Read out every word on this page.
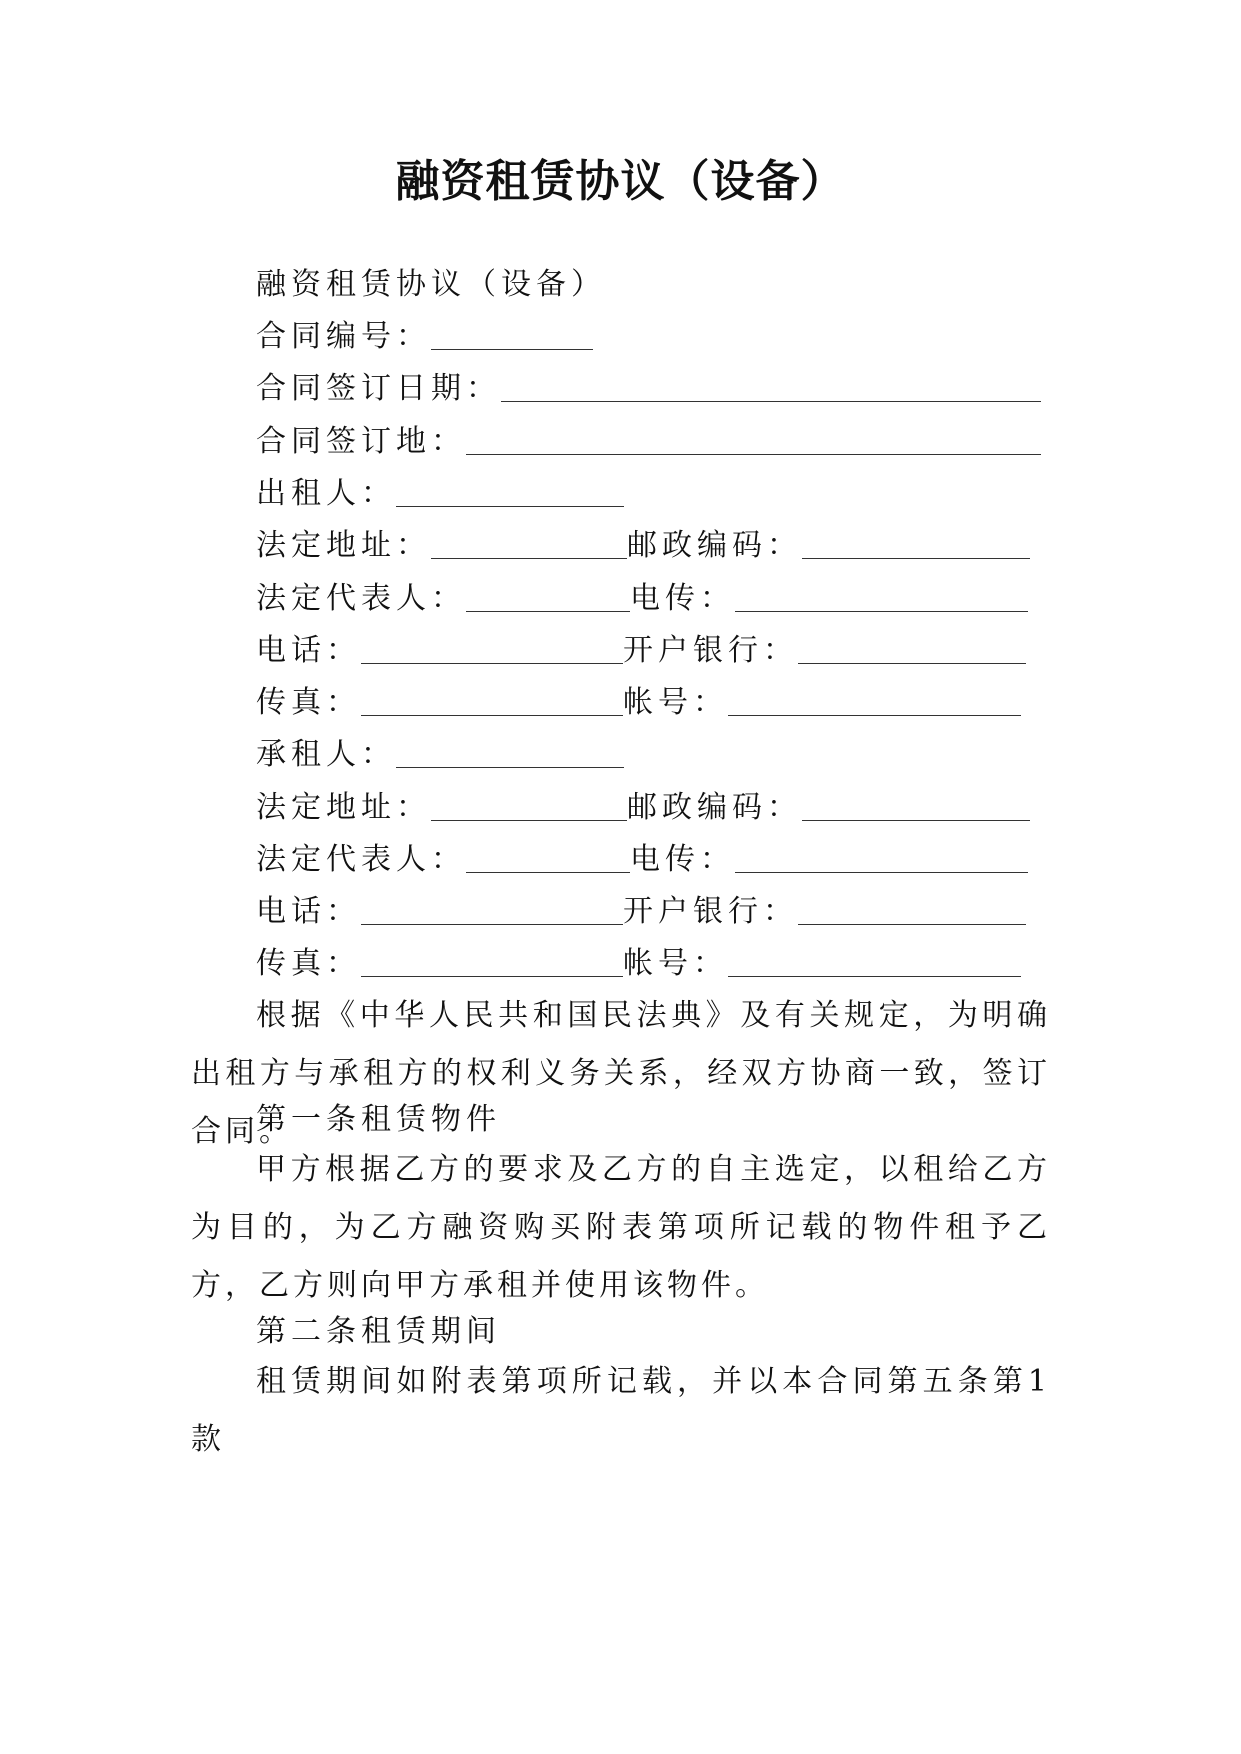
融资租赁协议（设备）
融资租赁协议（设备）
合同编号：
合同签订日期：
合同签订地：
出租人：
法定地址：	邮政编码：
法定代表人：	电传：
电话：	开户银行：
传真：	帐号：
承租人：
法定地址：	邮政编码：
法定代表人：	电传：
电话：	开户银行：
传真：	帐号：
根据《中华人民共和国民法典》及有关规定，为明确出租方与承租方的权利义务关系，经双方协商一致，签订合同。
第一条租赁物件
甲方根据乙方的要求及乙方的自主选定，以租给乙方为目的，为乙方融资购买附表第项所记载的物件租予乙方，乙方则向甲方承租并使用该物件。
第二条租赁期间
租赁期间如附表第项所记载，并以本合同第五条第1款
